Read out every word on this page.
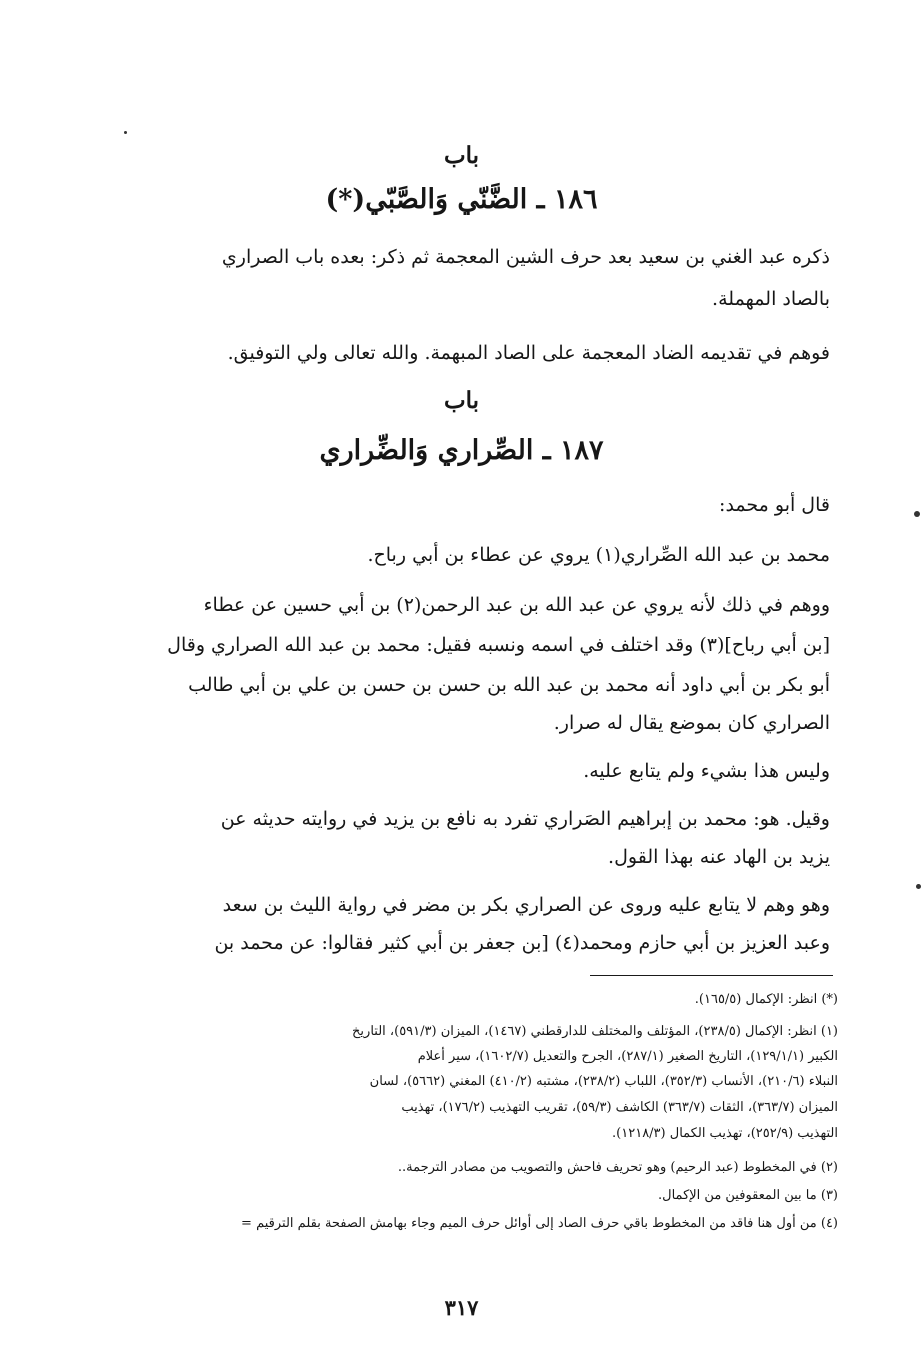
باب
١٨٦ ـ الضَّنّي وَالصَّبّي(*)
ذكره عبد الغني بن سعيد بعد حرف الشين المعجمة ثم ذكر: بعده باب الصراري
بالصاد المهملة.
فوهم في تقديمه الضاد المعجمة على الصاد المبهمة. والله تعالى ولي التوفيق.
باب
١٨٧ ـ الصِّراري وَالضِّراري
قال أبو محمد:
محمد بن عبد الله الصِّراري(١) يروي عن عطاء بن أبي رباح.
ووهم في ذلك لأنه يروي عن عبد الله بن عبد الرحمن(٢) بن أبي حسين عن عطاء
[بن أبي رباح](٣) وقد اختلف في اسمه ونسبه فقيل: محمد بن عبد الله الصراري وقال
أبو بكر بن أبي داود أنه محمد بن عبد الله بن حسن بن حسن بن علي بن أبي طالب
الصراري كان بموضع يقال له صرار.
وليس هذا بشيء ولم يتابع عليه.
وقيل. هو: محمد بن إبراهيم الصَراري تفرد به نافع بن يزيد في روايته حديثه عن
يزيد بن الهاد عنه بهذا القول.
وهو وهم لا يتابع عليه وروى عن الصراري بكر بن مضر في رواية الليث بن سعد
وعبد العزيز بن أبي حازم ومحمد(٤) [بن جعفر بن أبي كثير فقالوا: عن محمد بن
(*) انظر: الإكمال (١٦٥/٥).
(١) انظر: الإكمال (٢٣٨/٥)، المؤتلف والمختلف للدارقطني (١٤٦٧)، الميزان (٥٩١/٣)، التاريخ
الكبير (١٢٩/١/١)، التاريخ الصغير (٢٨٧/١)، الجرح والتعديل (١٦٠٢/٧)، سير أعلام
النبلاء (٢١٠/٦)، الأنساب (٣٥٢/٣)، اللباب (٢٣٨/٢)، مشتبه (٤١٠/٢) المغني (٥٦٦٢)، لسان
الميزان (٣٦٣/٧)، الثقات (٣٦٣/٧) الكاشف (٥٩/٣)، تقريب التهذيب (١٧٦/٢)، تهذيب
التهذيب (٢٥٢/٩)، تهذيب الكمال (١٢١٨/٣).
(٢) في المخطوط (عبد الرحيم) وهو تحريف فاحش والتصويب من مصادر الترجمة..
(٣) ما بين المعقوفين من الإكمال.
(٤) من أول هنا فاقد من المخطوط باقي حرف الصاد إلى أوائل حرف الميم وجاء بهامش الصفحة بقلم الترقيم =
٣١٧
